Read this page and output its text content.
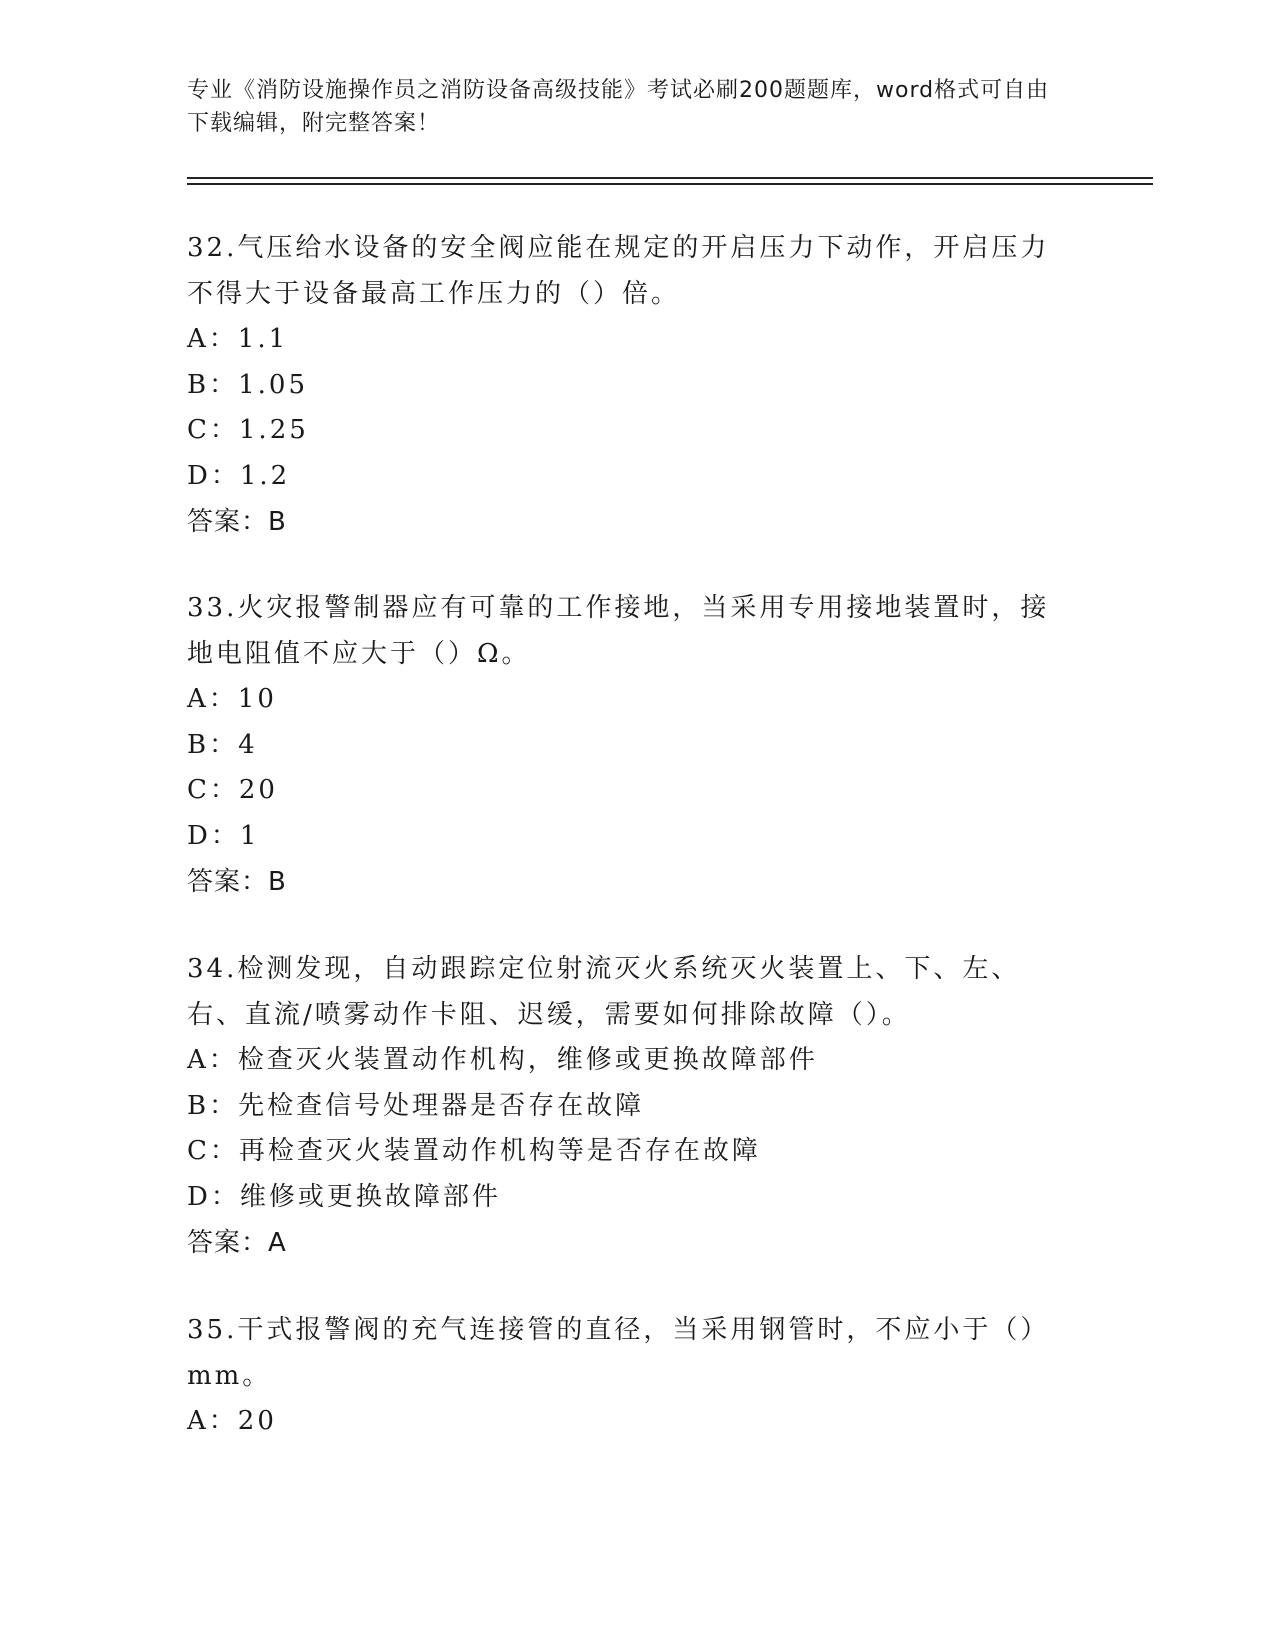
专业《消防设施操作员之消防设备高级技能》考试必刷200题题库，word格式可自由下载编辑，附完整答案！

32.气压给水设备的安全阀应能在规定的开启压力下动作，开启压力不得大于设备最高工作压力的（）倍。

A：1.1

B：1.05

C：1.25

D：1.2

答案：B

33.火灾报警制器应有可靠的工作接地，当采用专用接地装置时，接地电阻值不应大于（）Ω。

A：10

B：4

C：20

D：1

答案：B

34.检测发现，自动跟踪定位射流灭火系统灭火装置上、下、左、右、直流/喷雾动作卡阻、迟缓，需要如何排除故障（）。

A：检查灭火装置动作机构，维修或更换故障部件

B：先检查信号处理器是否存在故障

C：再检查灭火装置动作机构等是否存在故障

D：维修或更换故障部件

答案：A

35.干式报警阀的充气连接管的直径，当采用钢管时，不应小于（）mm。

A：20
